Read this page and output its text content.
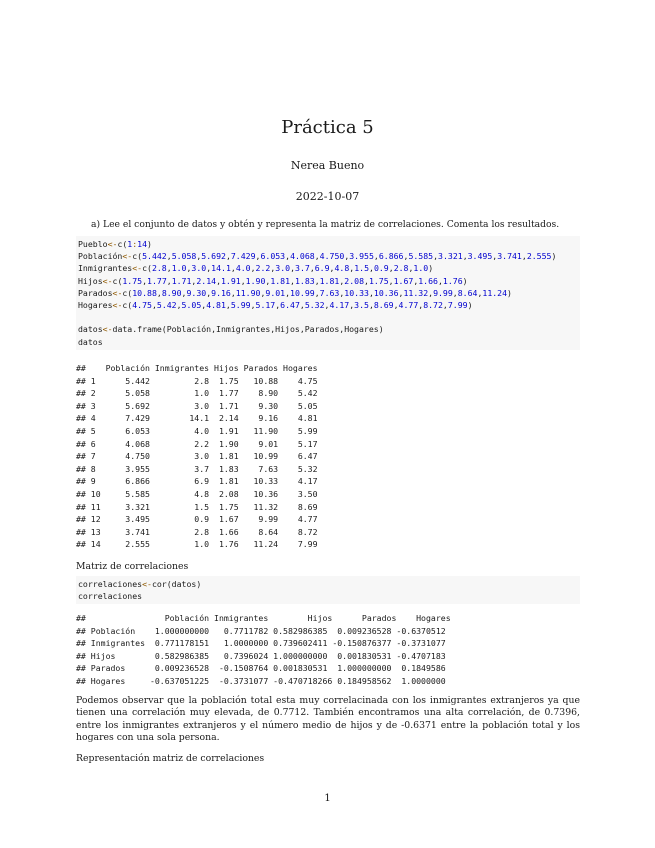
Práctica 5
Nerea Bueno
2022-10-07
a) Lee el conjunto de datos y obtén y representa la matriz de correlaciones. Comenta los resultados.
Pueblo<-c(1:14)
Población<-c(5.442,5.058,5.692,7.429,6.053,4.068,4.750,3.955,6.866,5.585,3.321,3.495,3.741,2.555)
Inmigrantes<-c(2.8,1.0,3.0,14.1,4.0,2.2,3.0,3.7,6.9,4.8,1.5,0.9,2.8,1.0)
Hijos<-c(1.75,1.77,1.71,2.14,1.91,1.90,1.81,1.83,1.81,2.08,1.75,1.67,1.66,1.76)
Parados<-c(10.88,8.90,9.30,9.16,11.90,9.01,10.99,7.63,10.33,10.36,11.32,9.99,8.64,11.24)
Hogares<-c(4.75,5.42,5.05,4.81,5.99,5.17,6.47,5.32,4.17,3.5,8.69,4.77,8.72,7.99)
datos<-data.frame(Población,Inmigrantes,Hijos,Parados,Hogares)
datos
##    Población Inmigrantes Hijos Parados Hogares
## 1      5.442         2.8  1.75   10.88    4.75
## 2      5.058         1.0  1.77    8.90    5.42
## 3      5.692         3.0  1.71    9.30    5.05
## 4      7.429        14.1  2.14    9.16    4.81
## 5      6.053         4.0  1.91   11.90    5.99
## 6      4.068         2.2  1.90    9.01    5.17
## 7      4.750         3.0  1.81   10.99    6.47
## 8      3.955         3.7  1.83    7.63    5.32
## 9      6.866         6.9  1.81   10.33    4.17
## 10     5.585         4.8  2.08   10.36    3.50
## 11     3.321         1.5  1.75   11.32    8.69
## 12     3.495         0.9  1.67    9.99    4.77
## 13     3.741         2.8  1.66    8.64    8.72
## 14     2.555         1.0  1.76   11.24    7.99
Matriz de correlaciones
correlaciones<-cor(datos)
correlaciones
##                Población Inmigrantes        Hijos      Parados    Hogares
## Población    1.000000000   0.7711782 0.582986385  0.009236528 -0.6370512
## Inmigrantes  0.771178151   1.0000000 0.739602411 -0.150876377 -0.3731077
## Hijos        0.582986385   0.7396024 1.000000000  0.001830531 -0.4707183
## Parados      0.009236528  -0.1508764 0.001830531  1.000000000  0.1849586
## Hogares     -0.637051225  -0.3731077 -0.470718266 0.184958562  1.0000000
Podemos observar que la población total esta muy correlacinada con los inmigrantes extranjeros ya que tienen una correlación muy elevada, de 0.7712. También encontramos una alta correlación, de 0.7396, entre los inmigrantes extranjeros y el número medio de hijos y de -0.6371 entre la población total y los hogares con una sola persona.
Representación matriz de correlaciones
1
